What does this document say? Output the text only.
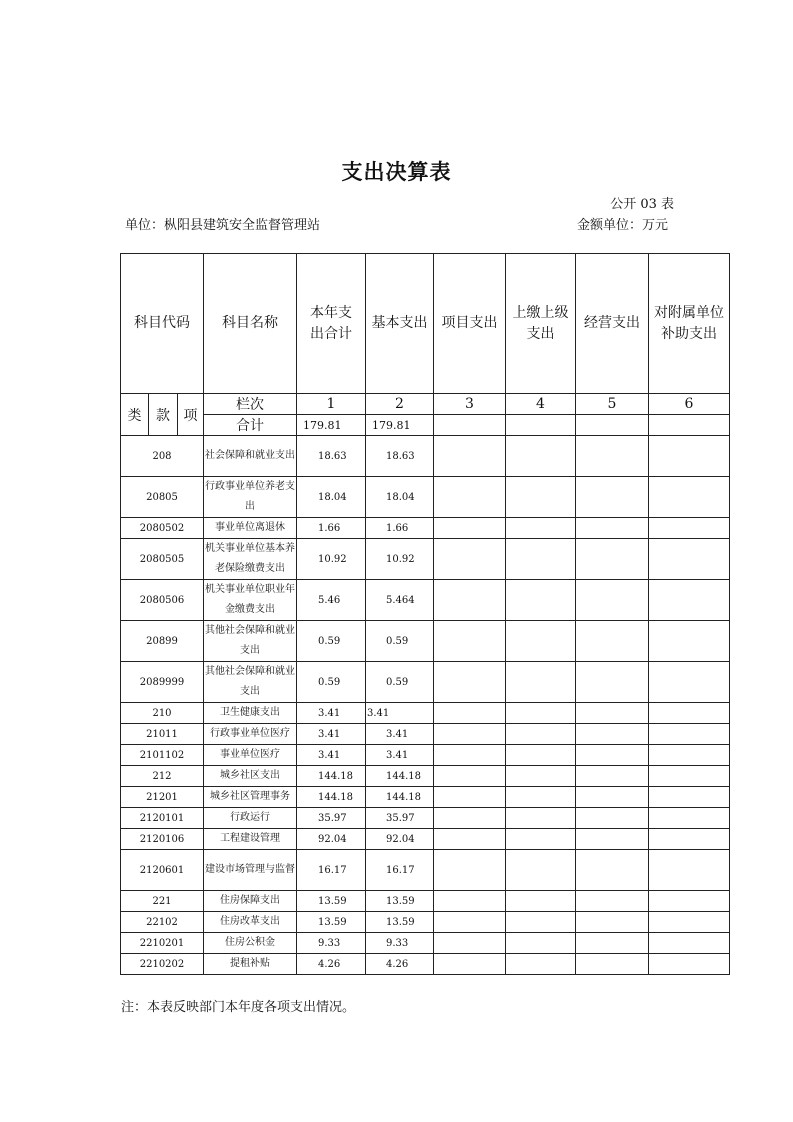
支出决算表
公开 03 表
单位：枞阳县建筑安全监督管理站	金额单位：万元
科目代码			科目名称	本年支出合计	基本支出	项目支出	上缴上级支出	经营支出	对附属单位补助支出

类	款	项	栏次	1	2	3	4	5	6
			合计	179.81	179.81				
208			社会保障和就业支出	18.63	18.63				
20805			行政事业单位养老支出	18.04	18.04				
2080502			事业单位离退休	1.66	1.66				
2080505			机关事业单位基本养老保险缴费支出	10.92	10.92				
2080506			机关事业单位职业年金缴费支出	5.46	5.464				
20899			其他社会保障和就业支出	0.59	0.59				
2089999			其他社会保障和就业支出	0.59	0.59				
210			卫生健康支出	3.41	3.41				
21011			行政事业单位医疗	3.41	3.41				
2101102			事业单位医疗	3.41	3.41				
212			城乡社区支出	144.18	144.18				
21201			城乡社区管理事务	144.18	144.18				
2120101			行政运行	35.97	35.97				
2120106			工程建设管理	92.04	92.04				
2120601			建设市场管理与监督	16.17	16.17				
221			住房保障支出	13.59	13.59				
22102			住房改革支出	13.59	13.59				
2210201			住房公积金	9.33	9.33				
2210202			提租补贴	4.26	4.26				
注：本表反映部门本年度各项支出情况。
